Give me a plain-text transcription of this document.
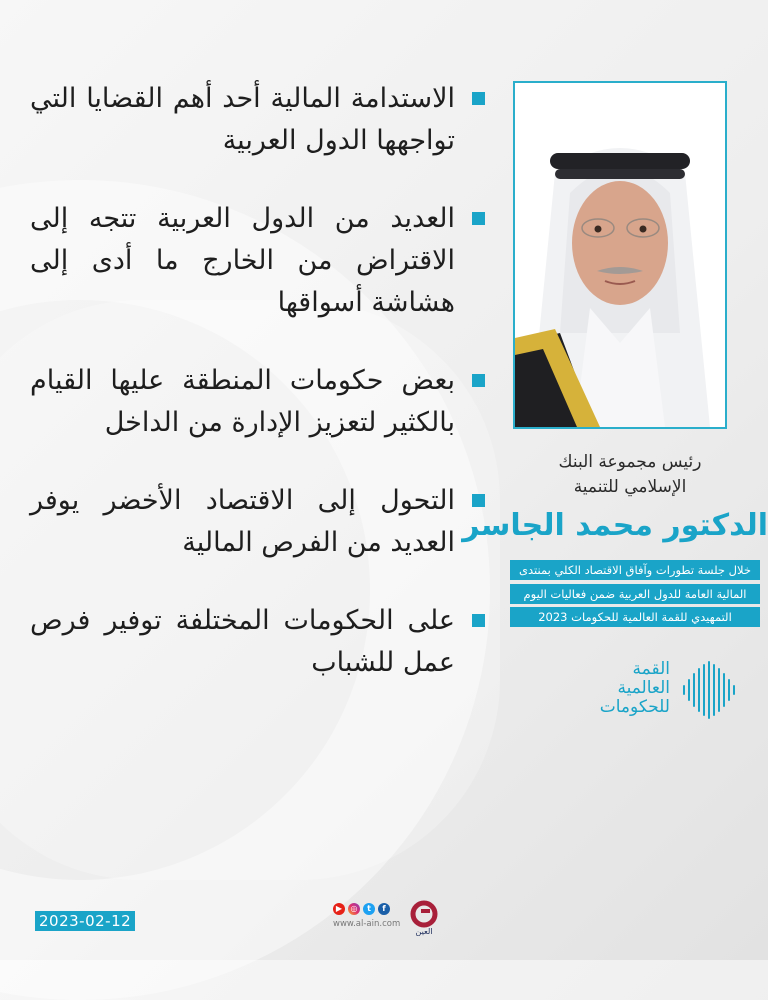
الاستدامة المالية أحد أهم القضايا التي تواجهها الدول العربية
العديد من الدول العربية تتجه إلى الاقتراض من الخارج ما أدى إلى هشاشة أسواقها
بعض حكومات المنطقة عليها القيام بالكثير لتعزيز الإدارة من الداخل
التحول إلى الاقتصاد الأخضر يوفر العديد من الفرص المالية
على الحكومات المختلفة توفير فرص عمل للشباب
رئيس مجموعة البنك
الإسلامي للتنمية
الدكتور محمد الجاسر
خلال جلسة تطورات وآفاق الاقتصاد الكلي بمنتدى
المالية العامة للدول العربية ضمن فعاليات اليوم
التمهيدي للقمة العالمية للحكومات 2023
القمة
العالمية
للحكومات
2023-02-12
▶	◎	t	f
www.al-ain.com
العين
